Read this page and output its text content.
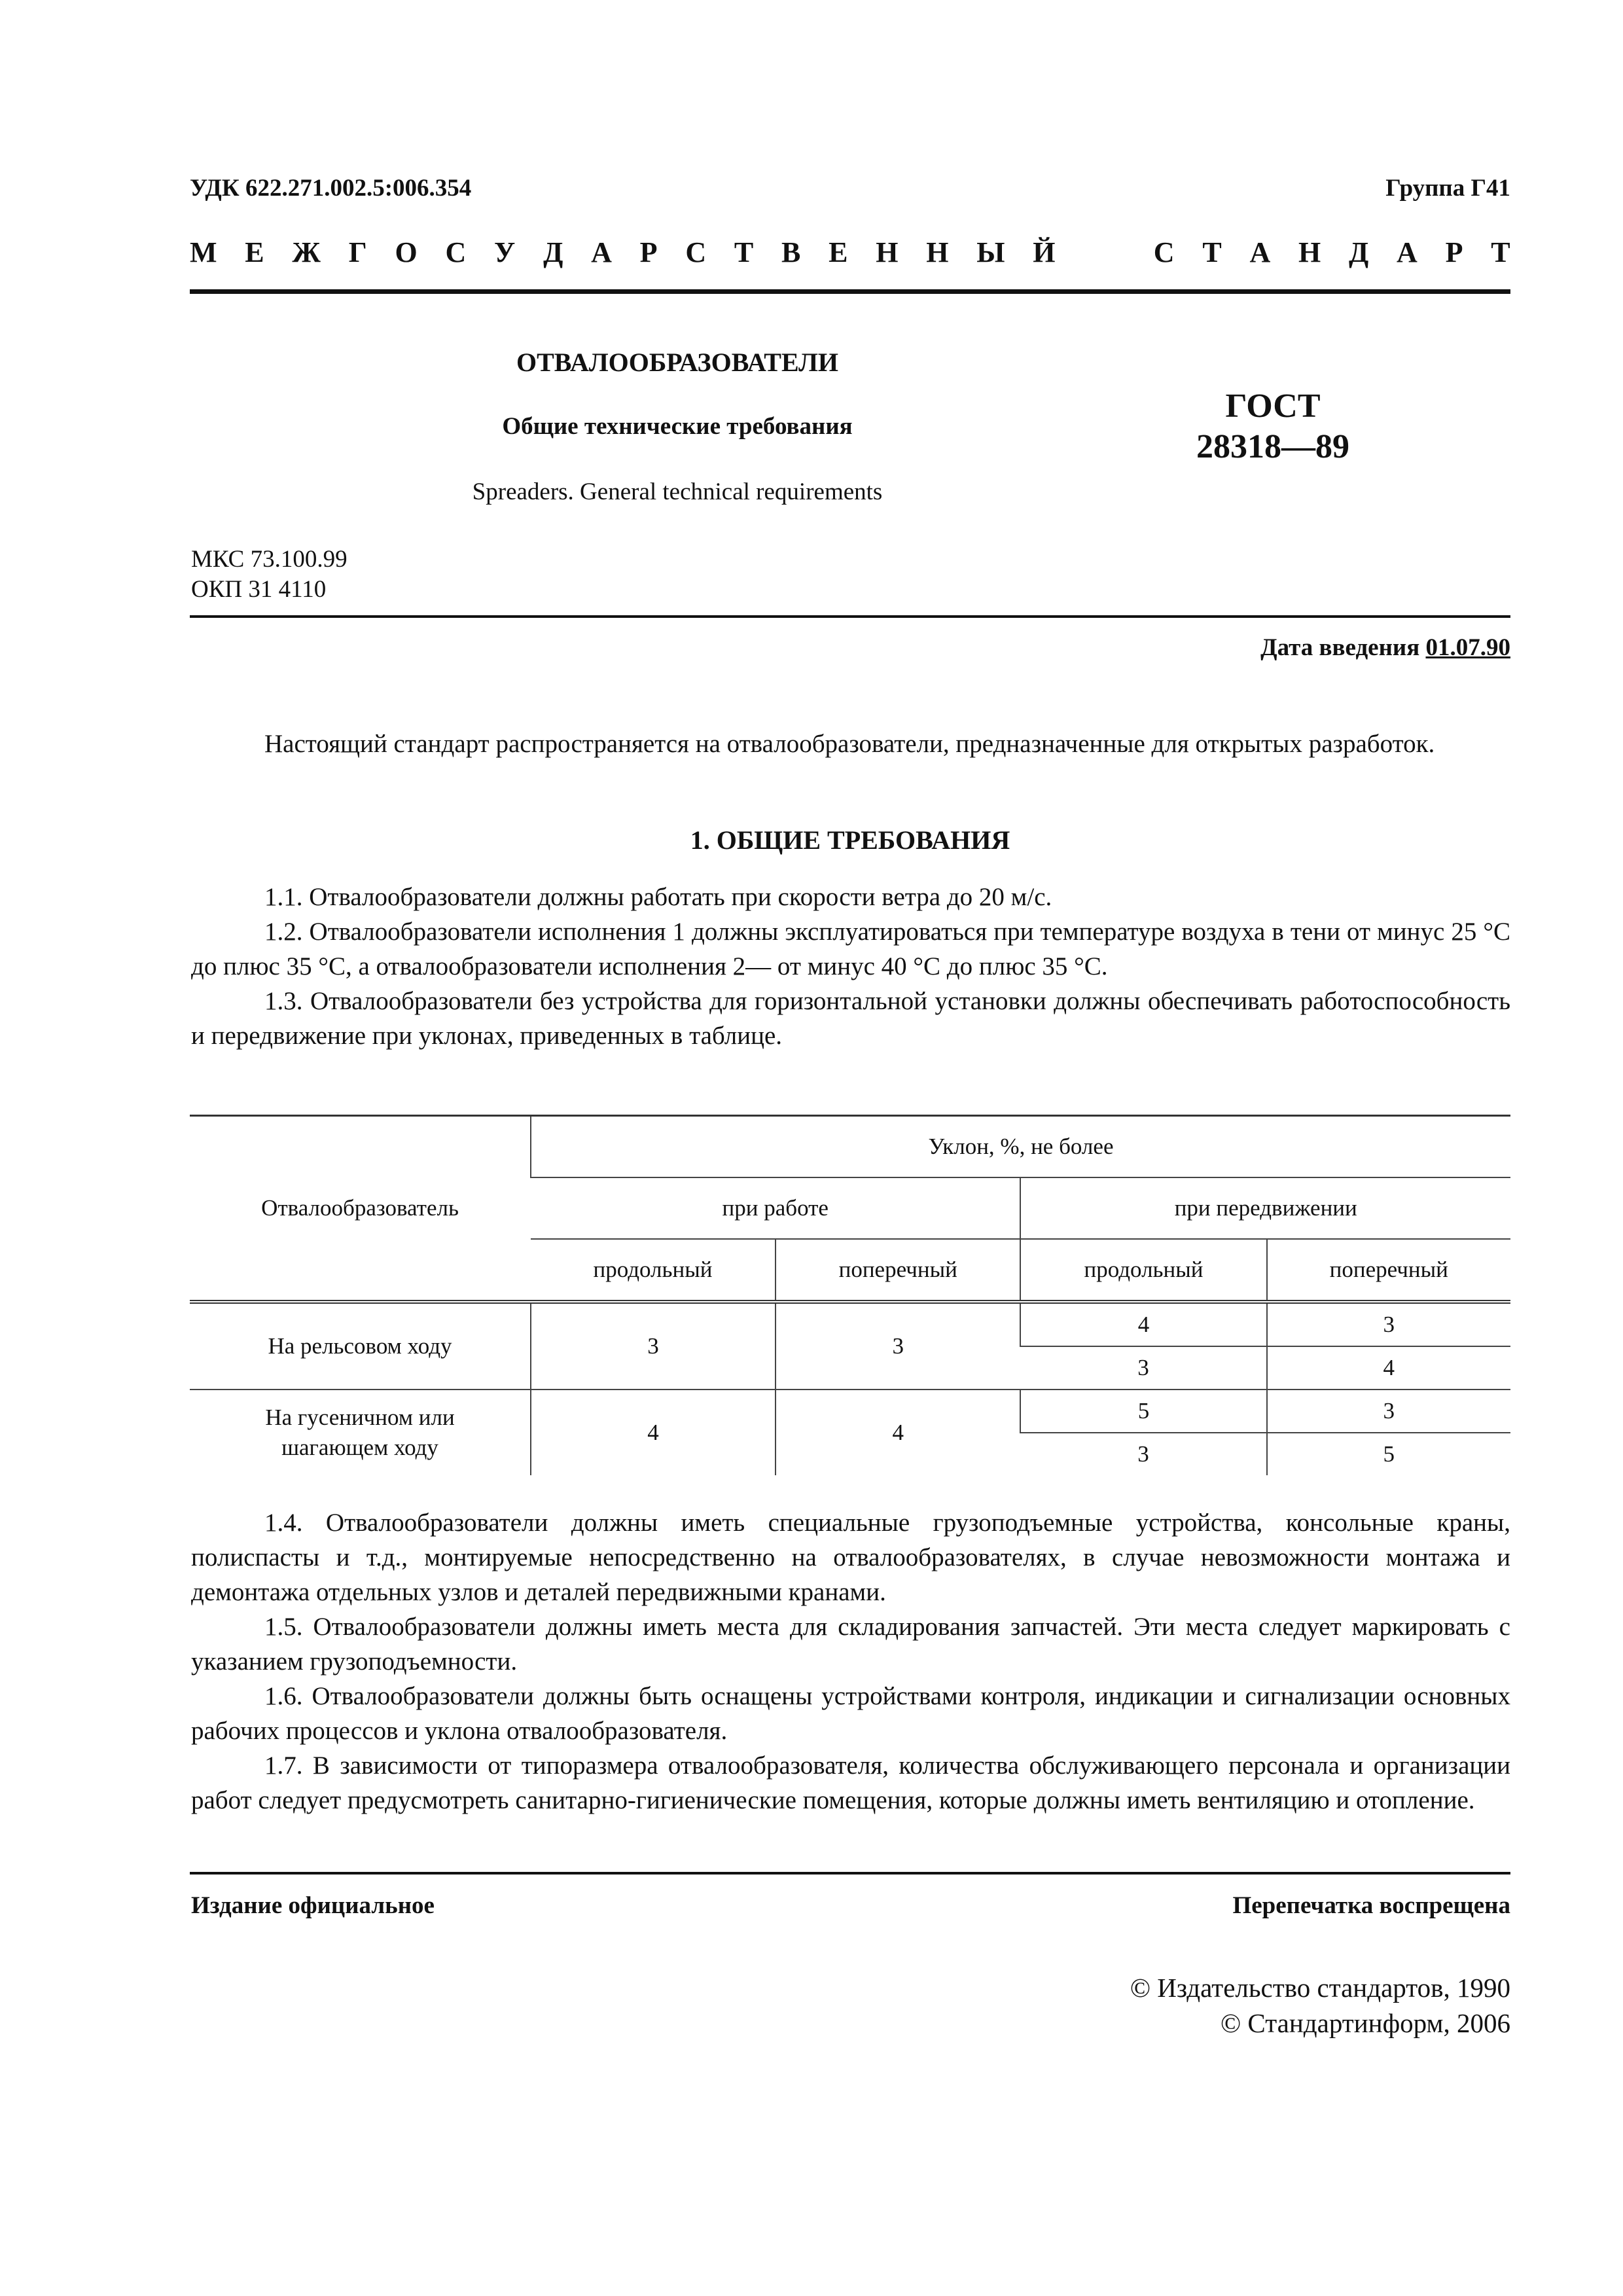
УДК 622.271.002.5:006.354	Группа Г41
М Е Ж Г О С У Д А Р С Т В Е Н Н Ы Й

	С Т А Н Д А Р Т
ОТВАЛООБРАЗОВАТЕЛИ
Общие технические требования
Spreaders. General technical requirements
ГОСТ
28318—89
МКС 73.100.99
ОКП 31 4110
Дата введения 01.07.90

Настоящий стандарт распространяется на отвалообразователи, предназначенные для открытых разработок.

1. ОБЩИЕ ТРЕБОВАНИЯ

1.1. Отвалообразователи должны работать при скорости ветра до 20 м/с.

1.2. Отвалообразователи исполнения 1 должны эксплуатироваться при температуре воздуха в тени от минус 25 °С до плюс 35 °С, а отвалообразователи исполнения 2— от минус 40 °С до плюс 35 °С.

1.3. Отвалообразователи без устройства для горизонтальной установки должны обеспечивать работоспособность и передвижение при уклонах, приведенных в таблице.

Отвалообразователь	Уклон, %, не более			
	при работе		при передвижении	
	продольный	поперечный	продольный	поперечный
На рельсовом ходу	3	3	4	3
			3	4
На гусеничном или шагающем ходу	4	4	5	3
			3	5

1.4. Отвалообразователи должны иметь специальные грузоподъемные устройства, консольные краны, полиспасты и т.д., монтируемые непосредственно на отвалообразователях, в случае невозможности монтажа и демонтажа отдельных узлов и деталей передвижными кранами.

1.5. Отвалообразователи должны иметь места для складирования запчастей. Эти места следует маркировать с указанием грузоподъемности.

1.6. Отвалообразователи должны быть оснащены устройствами контроля, индикации и сигнализации основных рабочих процессов и уклона отвалообразователя.

1.7. В зависимости от типоразмера отвалообразователя, количества обслуживающего персонала и организации работ следует предусмотреть санитарно-гигиенические помещения, которые должны иметь вентиляцию и отопление.

Издание официальное	Перепечатка воспрещена
© Издательство стандартов, 1990
© Стандартинформ, 2006
